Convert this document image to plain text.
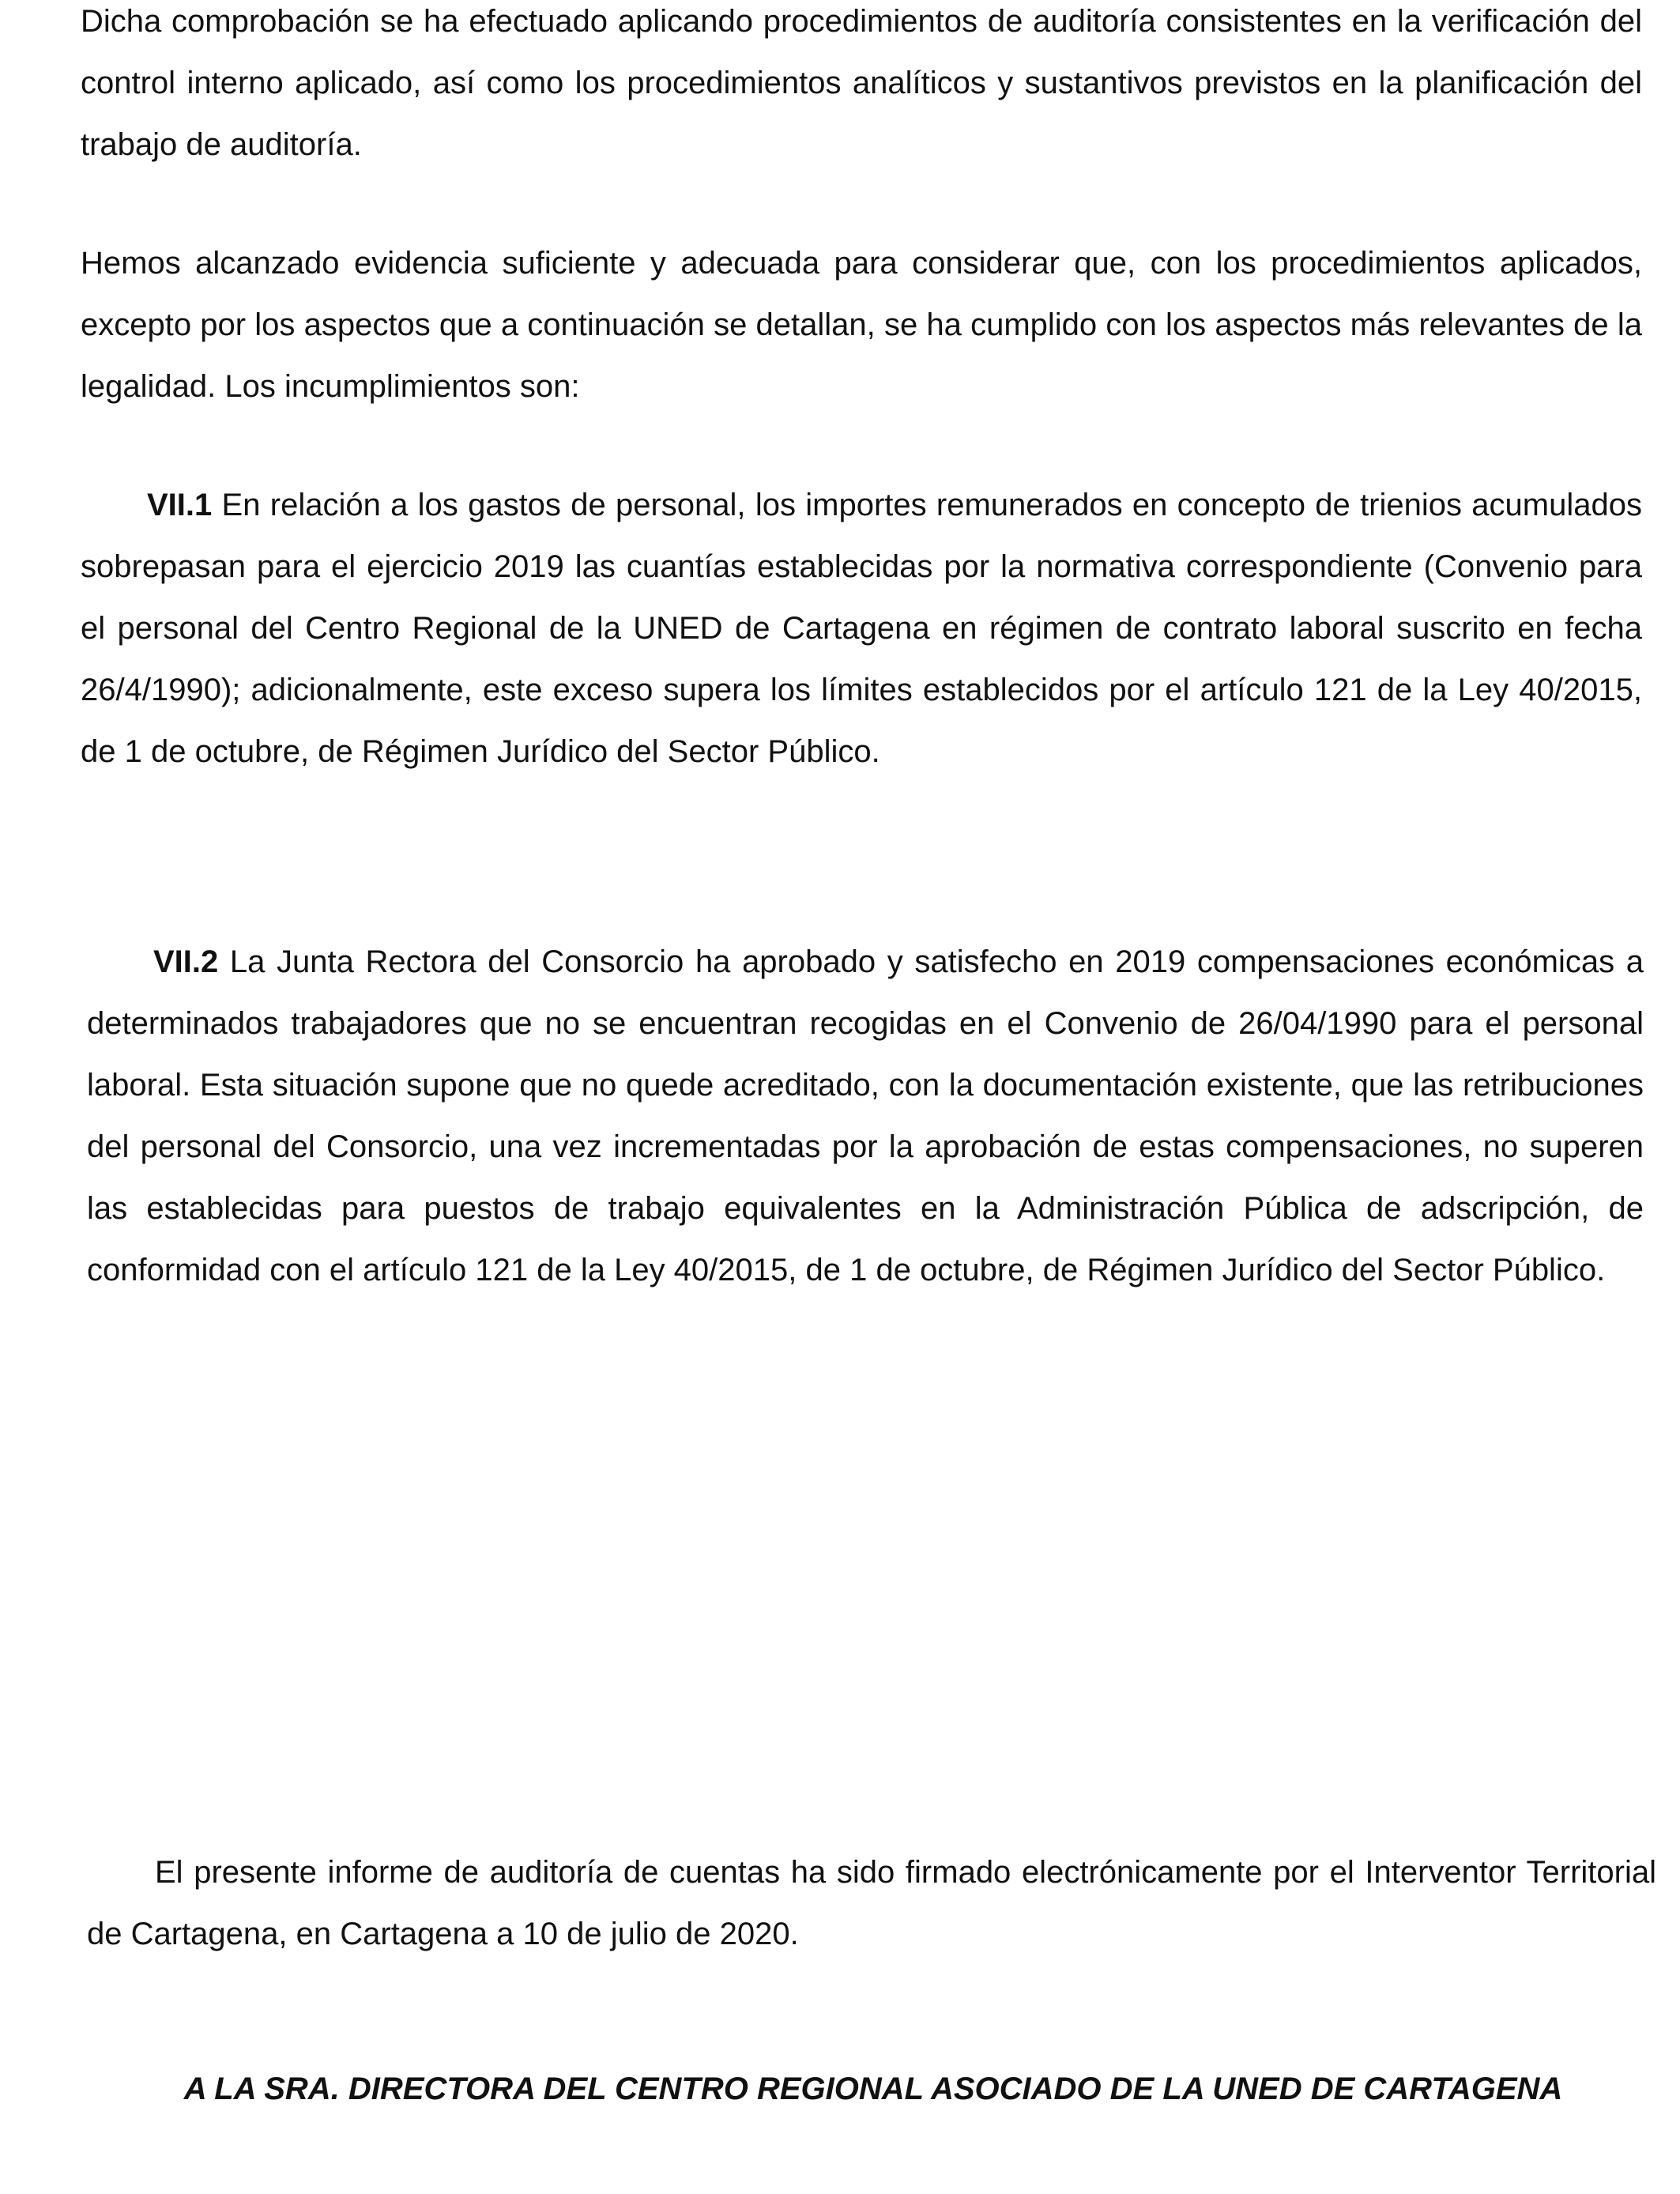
Dicha comprobación se ha efectuado aplicando procedimientos de auditoría consistentes en la verificación del control interno aplicado, así como los procedimientos analíticos y sustantivos previstos en la planificación del trabajo de auditoría.

Hemos alcanzado evidencia suficiente y adecuada para considerar que, con los procedimientos aplicados, excepto por los aspectos que a continuación se detallan, se ha cumplido con los aspectos más relevantes de la legalidad. Los incumplimientos son:

VII.1 En relación a los gastos de personal, los importes remunerados en concepto de trienios acumulados sobrepasan para el ejercicio 2019 las cuantías establecidas por la normativa correspondiente (Convenio para el personal del Centro Regional de la UNED de Cartagena en régimen de contrato laboral suscrito en fecha 26/4/1990); adicionalmente, este exceso supera los límites establecidos por el artículo 121 de la Ley 40/2015, de 1 de octubre, de Régimen Jurídico del Sector Público.

VII.2 La Junta Rectora del Consorcio ha aprobado y satisfecho en 2019 compensaciones económicas a determinados trabajadores que no se encuentran recogidas en el Convenio de 26/04/1990 para el personal laboral. Esta situación supone que no quede acreditado, con la documentación existente, que las retribuciones del personal del Consorcio, una vez incrementadas por la aprobación de estas compensaciones, no superen las establecidas para puestos de trabajo equivalentes en la Administración Pública de adscripción, de conformidad con el artículo 121 de la Ley 40/2015, de 1 de octubre, de Régimen Jurídico del Sector Público.

El presente informe de auditoría de cuentas ha sido firmado electrónicamente por el Interventor Territorial de Cartagena, en Cartagena a 10 de julio de 2020.

A LA SRA. DIRECTORA DEL CENTRO REGIONAL ASOCIADO DE LA UNED DE CARTAGENA
